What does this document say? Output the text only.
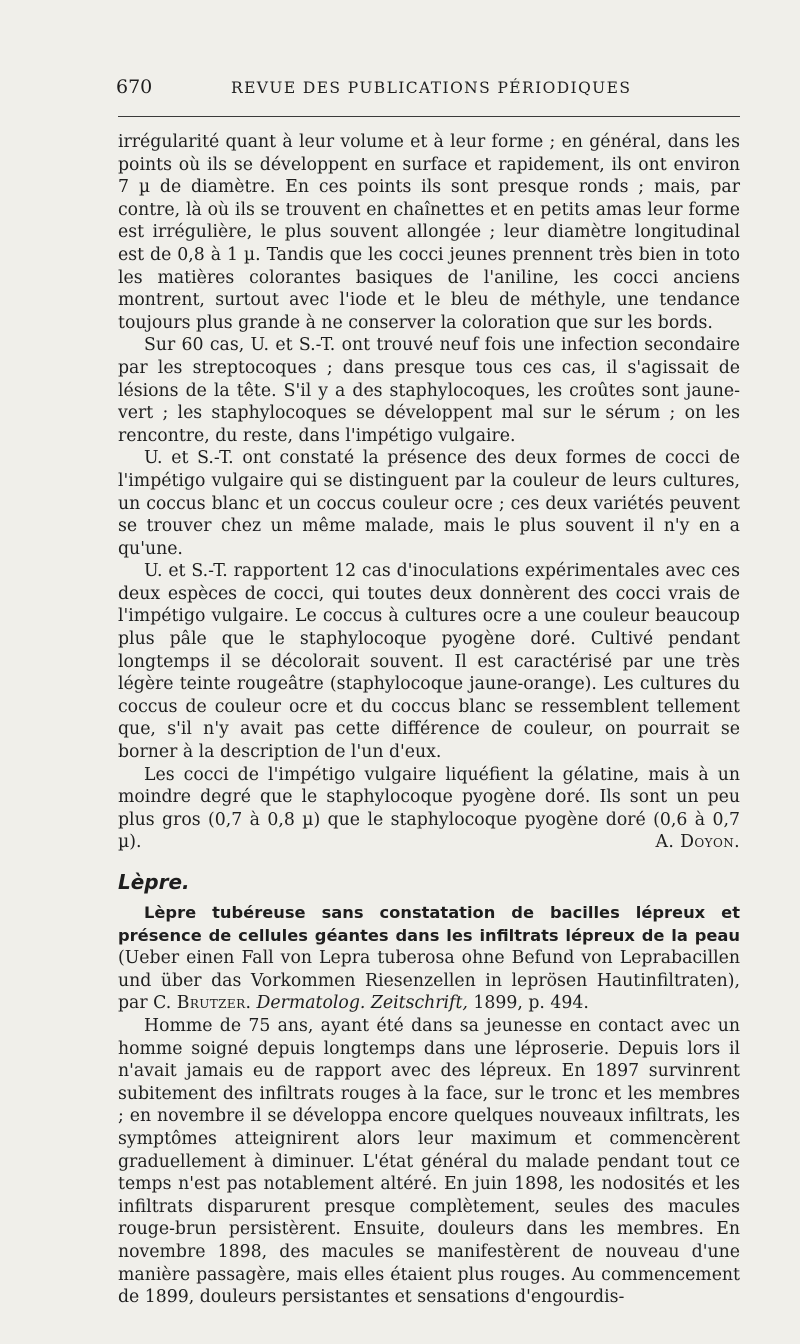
670	REVUE DES PUBLICATIONS PÉRIODIQUES

irrégularité quant à leur volume et à leur forme ; en général, dans les points où ils se développent en surface et rapidement, ils ont environ 7 µ de diamètre. En ces points ils sont presque ronds ; mais, par contre, là où ils se trouvent en chaînettes et en petits amas leur forme est irrégulière, le plus souvent allongée ; leur diamètre longitudinal est de 0,8 à 1 µ. Tandis que les cocci jeunes prennent très bien in toto les matières colorantes basiques de l'aniline, les cocci anciens montrent, surtout avec l'iode et le bleu de méthyle, une tendance toujours plus grande à ne conserver la coloration que sur les bords.

Sur 60 cas, U. et S.-T. ont trouvé neuf fois une infection secondaire par les streptocoques ; dans presque tous ces cas, il s'agissait de lésions de la tête. S'il y a des staphylocoques, les croûtes sont jaune-vert ; les staphylocoques se développent mal sur le sérum ; on les rencontre, du reste, dans l'impétigo vulgaire.

U. et S.-T. ont constaté la présence des deux formes de cocci de l'impétigo vulgaire qui se distinguent par la couleur de leurs cultures, un coccus blanc et un coccus couleur ocre ; ces deux variétés peuvent se trouver chez un même malade, mais le plus souvent il n'y en a qu'une.

U. et S.-T. rapportent 12 cas d'inoculations expérimentales avec ces deux espèces de cocci, qui toutes deux donnèrent des cocci vrais de l'impétigo vulgaire. Le coccus à cultures ocre a une couleur beaucoup plus pâle que le staphylocoque pyogène doré. Cultivé pendant longtemps il se décolorait souvent. Il est caractérisé par une très légère teinte rougeâtre (staphylocoque jaune-orange). Les cultures du coccus de couleur ocre et du coccus blanc se ressemblent tellement que, s'il n'y avait pas cette différence de couleur, on pourrait se borner à la description de l'un d'eux.

Les cocci de l'impétigo vulgaire liquéfient la gélatine, mais à un moindre degré que le staphylocoque pyogène doré. Ils sont un peu plus gros (0,7 à 0,8 µ) que le staphylocoque pyogène doré (0,6 à 0,7 µ).	A. Doyon.

Lèpre.

Lèpre tubéreuse sans constatation de bacilles lépreux et présence de cellules géantes dans les infiltrats lépreux de la peau (Ueber einen Fall von Lepra tuberosa ohne Befund von Leprabacillen und über das Vorkommen Riesenzellen in leprösen Hautinfiltraten), par C. Brutzer. Dermatolog. Zeitschrift, 1899, p. 494.

Homme de 75 ans, ayant été dans sa jeunesse en contact avec un homme soigné depuis longtemps dans une léproserie. Depuis lors il n'avait jamais eu de rapport avec des lépreux. En 1897 survinrent subitement des infiltrats rouges à la face, sur le tronc et les membres ; en novembre il se développa encore quelques nouveaux infiltrats, les symptômes atteignirent alors leur maximum et commencèrent graduellement à diminuer. L'état général du malade pendant tout ce temps n'est pas notablement altéré. En juin 1898, les nodosités et les infiltrats disparurent presque complètement, seules des macules rouge-brun persistèrent. Ensuite, douleurs dans les membres. En novembre 1898, des macules se manifestèrent de nouveau d'une manière passagère, mais elles étaient plus rouges. Au commencement de 1899, douleurs persistantes et sensations d'engourdis-
